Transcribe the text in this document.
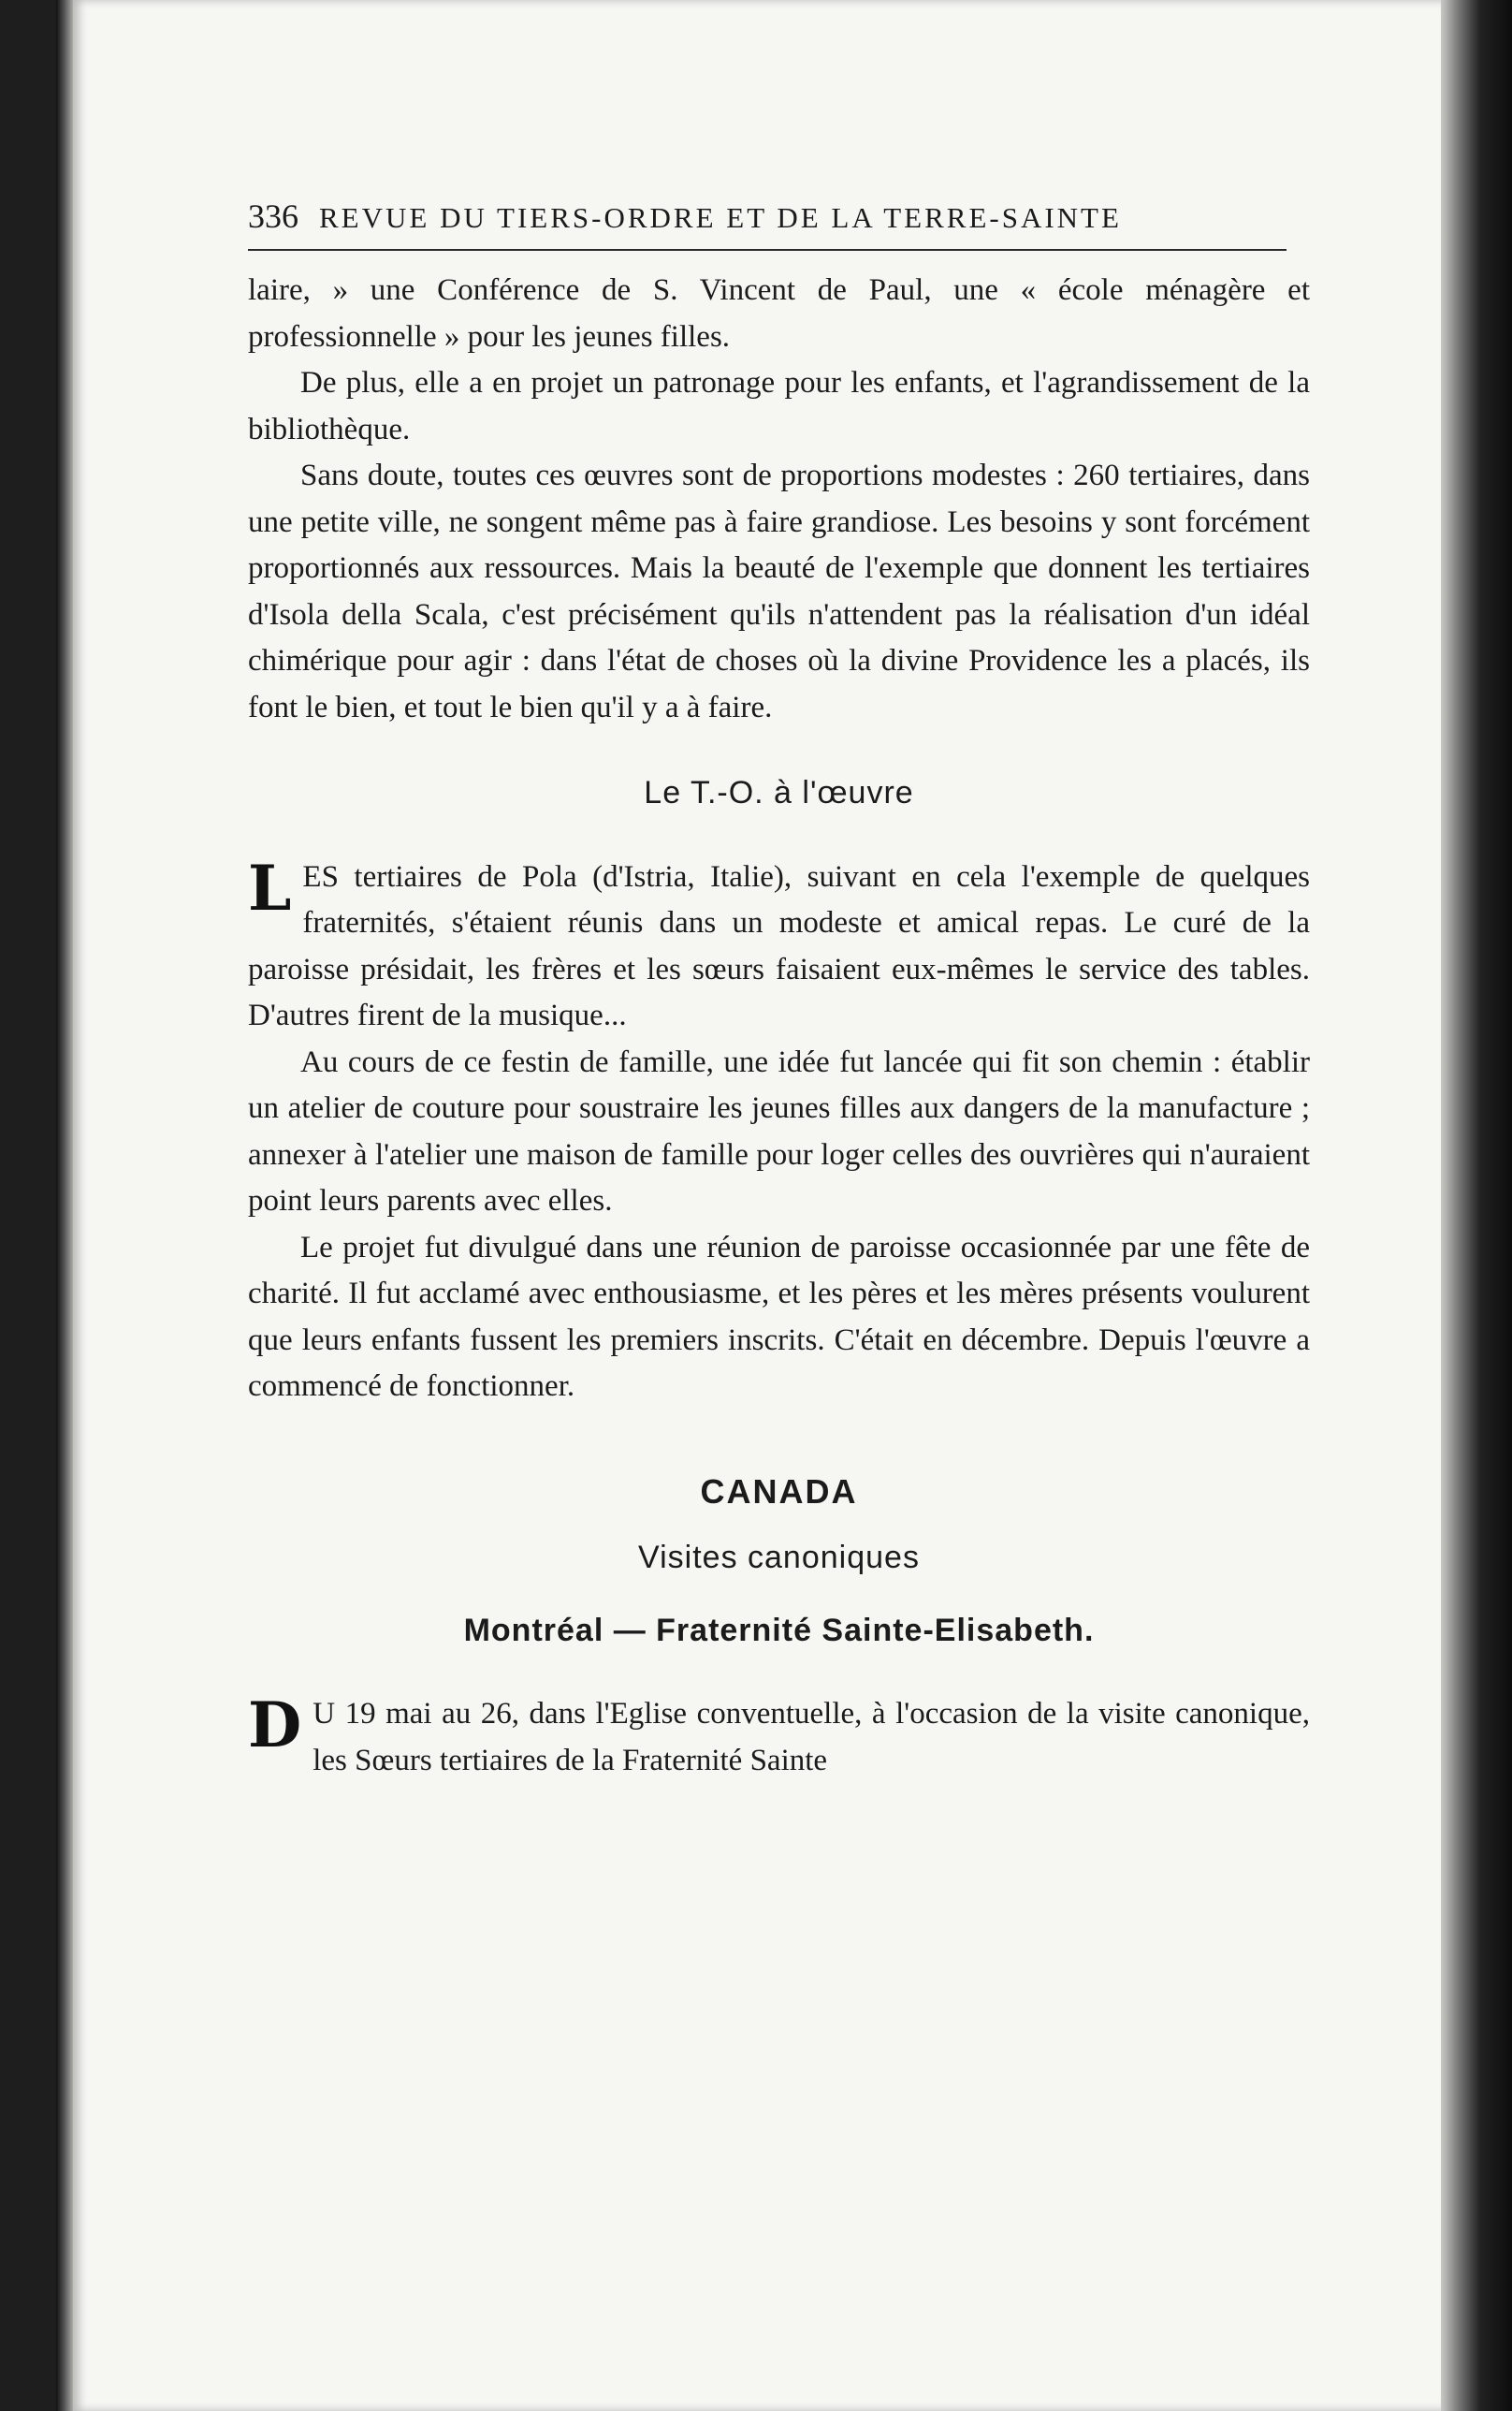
336 REVUE DU TIERS-ORDRE ET DE LA TERRE-SAINTE

laire, » une Conférence de S. Vincent de Paul, une « école ménagère et professionnelle » pour les jeunes filles.

De plus, elle a en projet un patronage pour les enfants, et l'agrandissement de la bibliothèque.

Sans doute, toutes ces œuvres sont de proportions modestes : 260 tertiaires, dans une petite ville, ne songent même pas à faire grandiose. Les besoins y sont forcément proportionnés aux ressources. Mais la beauté de l'exemple que donnent les tertiaires d'Isola della Scala, c'est précisément qu'ils n'attendent pas la réalisation d'un idéal chimérique pour agir : dans l'état de choses où la divine Providence les a placés, ils font le bien, et tout le bien qu'il y a à faire.

Le T.-O. à l'œuvre

LES tertiaires de Pola (d'Istria, Italie), suivant en cela l'exemple de quelques fraternités, s'étaient réunis dans un modeste et amical repas. Le curé de la paroisse présidait, les frères et les sœurs faisaient eux-mêmes le service des tables. D'autres firent de la musique...

Au cours de ce festin de famille, une idée fut lancée qui fit son chemin : établir un atelier de couture pour soustraire les jeunes filles aux dangers de la manufacture ; annexer à l'atelier une maison de famille pour loger celles des ouvrières qui n'auraient point leurs parents avec elles.

Le projet fut divulgué dans une réunion de paroisse occasionnée par une fête de charité. Il fut acclamé avec enthousiasme, et les pères et les mères présents voulurent que leurs enfants fussent les premiers inscrits. C'était en décembre. Depuis l'œuvre a commencé de fonctionner.

CANADA
Visites canoniques
Montréal — Fraternité Sainte-Elisabeth.

D U 19 mai au 26, dans l'Eglise conventuelle, à l'occasion de la visite canonique, les Sœurs tertiaires de la Fraternité Sainte
